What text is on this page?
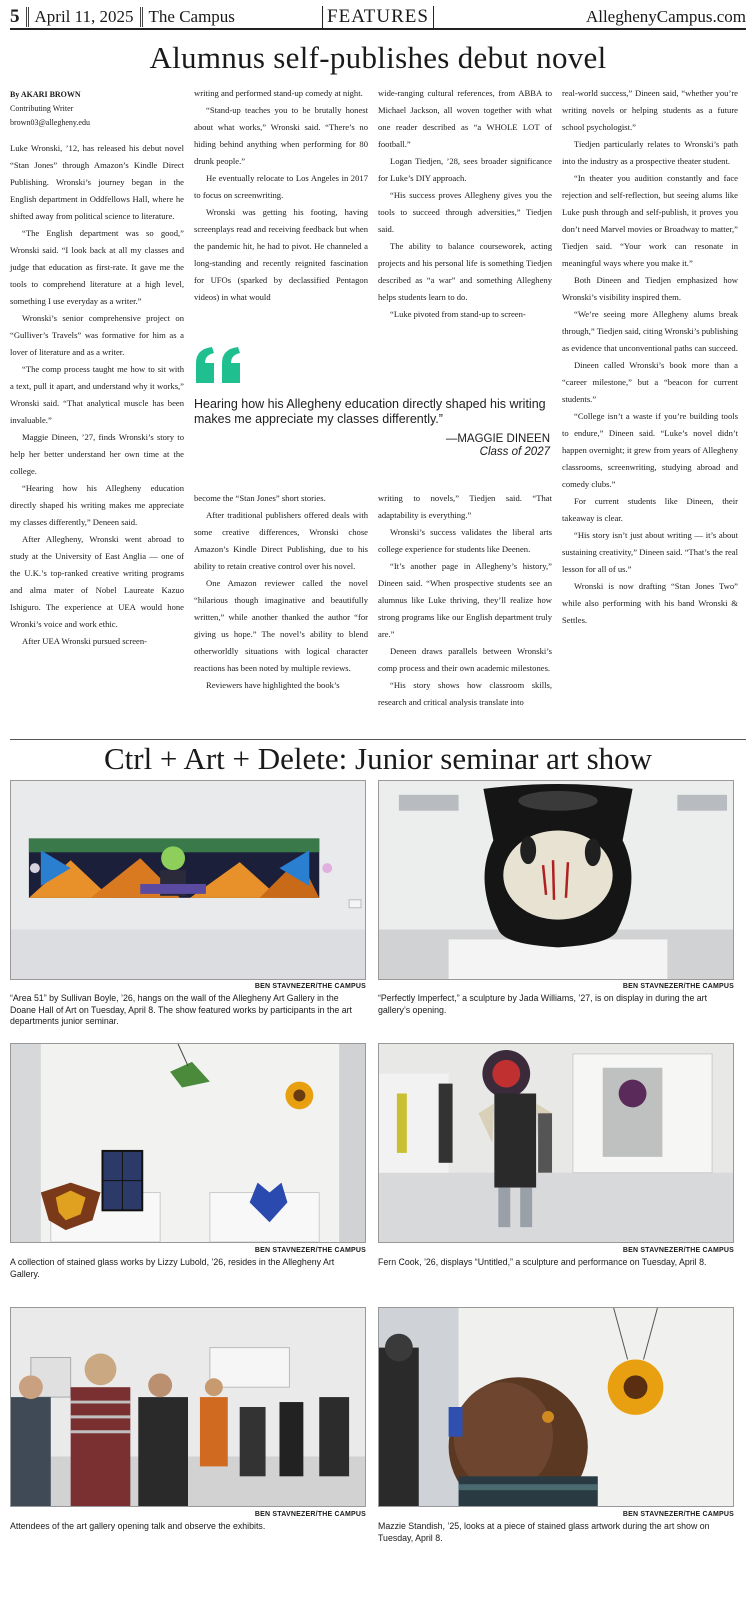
5 April 11, 2025 The Campus	AlleghenyCampus.com
FEATURES
Alumnus self-publishes debut novel
By AKARI BROWN
Contributing Writer
brown03@allegheny.edu

Luke Wronski, ’12, has released his debut novel “Stan Jones” through Amazon’s Kindle Direct Publishing. Wronski’s journey began in the English department in Oddfellows Hall, where he shifted away from political science to literature.

“The English department was so good,” Wronski said. “I look back at all my classes and judge that education as first-rate. It gave me the tools to comprehend literature at a high level, something I use everyday as a writer.”

Wronski’s senior comprehensive project on “Gulliver’s Travels” was formative for him as a lover of literature and as a writer.

“The comp process taught me how to sit with a text, pull it apart, and understand why it works,” Wronski said. “That analytical muscle has been invaluable.”

Maggie Dineen, ’27, finds Wronski’s story to help her better understand her own time at the college.

“Hearing how his Allegheny education directly shaped his writing makes me appreciate my classes differently,” Deneen said.

After Allegheny, Wronski went abroad to study at the University of East Anglia — one of the U.K.’s top-ranked creative writing programs and alma mater of Nobel Laureate Kazuo Ishiguro. The experience at UEA would hone Wronki’s voice and work ethic.

After UEA Wronski pursued screen-

writing and performed stand-up comedy at night.

“Stand-up teaches you to be brutally honest about what works,” Wronski said. “There’s no hiding behind anything when performing for 80 drunk people.”

He eventually relocate to Los Angeles in 2017 to focus on screenwriting.

Wronski was getting his footing, having screenplays read and receiving feedback but when the pandemic hit, he had to pivot. He channeled a long-standing and recently reignited fascination for UFOs (sparked by declassified Pentagon videos) in what would

wide-ranging cultural references, from ABBA to Michael Jackson, all woven together with what one reader described as “a WHOLE LOT of football.”

Logan Tiedjen, ’28, sees broader significance for Luke’s DIY approach.

“His success proves Allegheny gives you the tools to succeed through adversities,” Tiedjen said.

The ability to balance courseworek, acting projects and his personal life is something Tiedjen described as “a war” and something Allegheny helps students learn to do.

“Luke pivoted from stand-up to screen-

real-world success,” Dineen said, “whether you’re writing novels or helping students as a future school psychologist.”

Tiedjen particularly relates to Wronski’s path into the industry as a prospective theater student.

“In theater you audition constantly and face rejection and self-reflection, but seeing alums like Luke push through and self-publish, it proves you don’t need Marvel movies or Broadway to matter,” Tiedjen said. “Your work can resonate in meaningful ways where you make it.”

Both Dineen and Tiedjen emphasized how Wronski’s visibility inspired them.

“We’re seeing more Allegheny alums break through,” Tiedjen said, citing Wronski’s publishing as evidence that unconventional paths can succeed.

Dineen called Wronski’s book more than a “career milestone,” but a “beacon for current students.”

“College isn’t a waste if you’re building tools to endure,” Dineen said. “Luke’s novel didn’t happen overnight; it grew from years of Allegheny classrooms, screenwriting, studying abroad and comedy clubs.”

For current students like Dineen, their takeaway is clear.

“His story isn’t just about writing — it’s about sustaining creativity,” Dineen said. “That’s the real lesson for all of us.”

Wronski is now drafting “Stan Jones Two” while also performing with his band Wronski & Settles.

Hearing how his Allegheny education directly shaped his writing makes me appreciate my classes differently.”
—MAGGIE DINEEN
Class of 2027

become the “Stan Jones” short stories.

After traditional publishers offered deals with some creative differences, Wronski chose Amazon’s Kindle Direct Publishing, due to his ability to retain creative control over his novel.

One Amazon reviewer called the novel “hilarious though imaginative and beautifully written,” while another thanked the author “for giving us hope.” The novel’s ability to blend otherworldly situations with logical character reactions has been noted by multiple reviews.

Reviewers have highlighted the book’s

writing to novels,” Tiedjen said. “That adaptability is everything.”

Wronski’s success validates the liberal arts college experience for students like Deenen.

“It’s another page in Allegheny’s history,” Dineen said. “When prospective students see an alumnus like Luke thriving, they’ll realize how strong programs like our English department truly are.”

Deneen draws parallels between Wronski’s comp process and their own academic milestones.

“His story shows how classroom skills, research and critical analysis translate into

Ctrl + Art + Delete: Junior seminar art show
BEN STAVNEZER/THE CAMPUS
“Area 51” by Sullivan Boyle, ’26, hangs on the wall of the Allegheny Art Gallery in the Doane Hall of Art on Tuesday, April 8. The show featured works by participants in the art departments junior seminar.
BEN STAVNEZER/THE CAMPUS
“Perfectly Imperfect,” a sculpture by Jada Williams, ’27, is on display in during the art gallery’s opening.
BEN STAVNEZER/THE CAMPUS
A collection of stained glass works by Lizzy Lubold, ’26, resides in the Allegheny Art Gallery.
BEN STAVNEZER/THE CAMPUS
Fern Cook, ’26, displays “Untitled,” a sculpture and performance on Tuesday, April 8.
BEN STAVNEZER/THE CAMPUS
Attendees of the art gallery opening talk and observe the exhibits.
BEN STAVNEZER/THE CAMPUS
Mazzie Standish, ’25, looks at a piece of stained glass artwork during the art show on Tuesday, April 8.
